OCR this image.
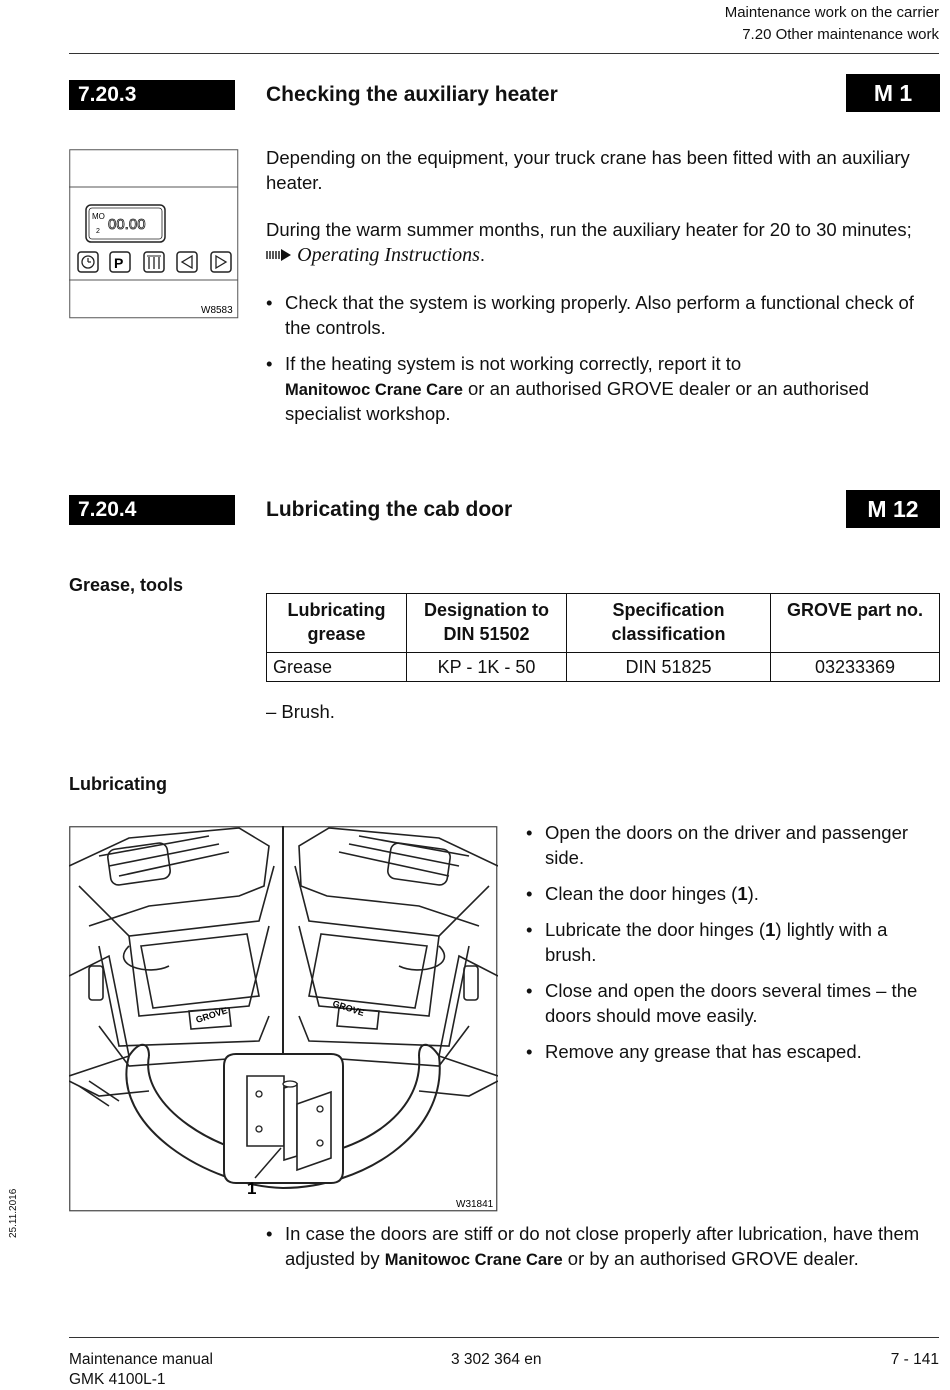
Maintenance work on the carrier
7.20 Other maintenance work
7.20.3	Checking the auxiliary heater	M 1
MO
2 00.00
P
W8583
Depending on the equipment, your truck crane has been fitted with an auxiliary heater.
During the warm summer months, run the auxiliary heater for 20 to 30 minutes;  Operating Instructions.
• Check that the system is working properly. Also perform a functional check of the controls.
• If the heating system is not working correctly, report it to
Manitowoc Crane Care or an authorised GROVE dealer or an authorised specialist workshop.
7.20.4	Lubricating the cab door	M 12
Grease, tools
Lubricating grease	Designation to DIN 51502	Specification classification	GROVE part no.
Grease	KP - 1K - 50	DIN 51825	03233369
– Brush.
Lubricating
GROVE	GROVE
1
W31841
• Open the doors on the driver and passenger side.
• Clean the door hinges (1).
• Lubricate the door hinges (1) lightly with a brush.
• Close and open the doors several times – the doors should move easily.
• Remove any grease that has escaped.
• In case the doors are stiff or do not close properly after lubrication, have them adjusted by Manitowoc Crane Care or by an authorised GROVE dealer.
25.11.2016
Maintenance manual
GMK 4100L-1
3 302 364 en	7 - 141
